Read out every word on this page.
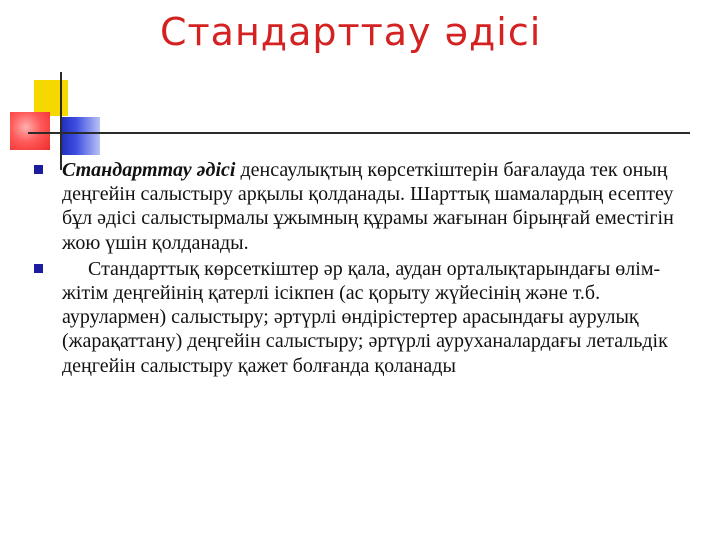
Стандарттау әдісі
Стандарттау әдісі денсаулықтың көрсеткіштерін бағалауда тек оның деңгейін салыстыру арқылы қолданады. Шарттық шамалардың есептеу бұл әдісі салыстырмалы ұжымның құрамы жағынан бірыңғай еместігін жою үшін қолданады.
Стандарттық көрсеткіштер әр қала, аудан орталықтарындағы өлім-жітім деңгейінің қатерлі ісікпен (ас қорыту жүйесінің және т.б. аурулармен) салыстыру; әртүрлі өндірістертер арасындағы аурулық (жарақаттану) деңгейін салыстыру; әртүрлі ауруханалардағы летальдік деңгейін салыстыру қажет болғанда қоланады
